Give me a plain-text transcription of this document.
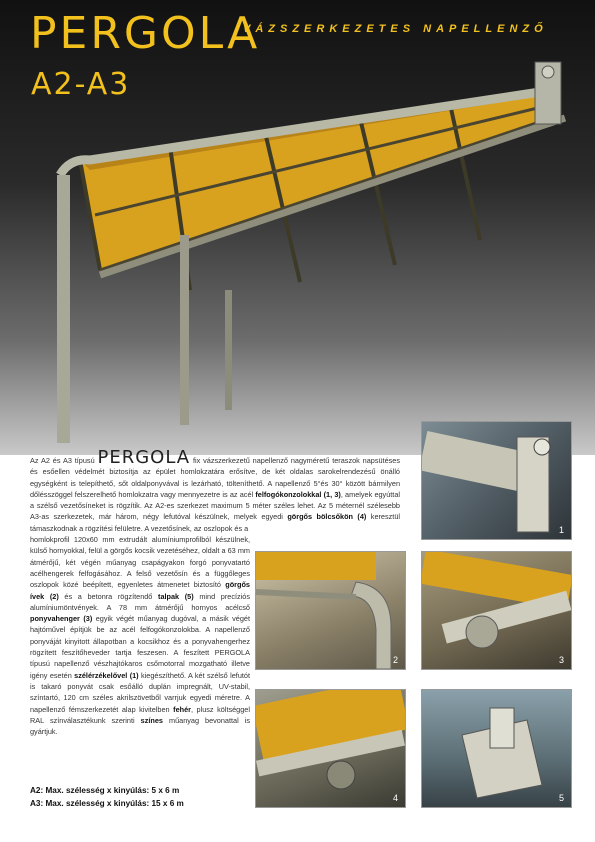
PERGOLA
VÁZSZERKEZETES NAPELLENZŐ
A2-A3
Az A2 és A3 típusú PERGOLA fix vázszerkezetű napellenző nagyméretű teraszok napsütéses és esőellen védelmét biztosítja az épület homlokzatára erősítve, de két oldalas sarokelrendezésű önálló egységként is telepíthető, sőt oldalponyvával is lezárható, tölteníthető. A napellenző 5°és 30° között bármilyen dőlésszöggel felszerelhető homlokzatra vagy mennyezetre is az acél felfogókonzolokkal (1, 3), amelyek egyúttal a szélső vezetősíneket is rögzítik. Az A2-es szerkezet maximum 5 méter széles lehet. Az 5 méternél szélesebb A3-as szerkezetek, már három, négy lefutóval készülnek, melyek egyedi görgős bölcsőkön (4) keresztül támaszkodnak a rögzítési felületre. A vezetősínek, az oszlopok és a
homlokprofil 120x60 mm extrudált alumíniumprofilból készülnek, külső hornyokkal, felül a görgős kocsik vezetéséhez, oldalt a 63 mm átmérőjű, két végén műanyag csapágyakon forgó ponyvatartó acélhengerek felfogásához. A felső vezetősín és a függőleges oszlopok közé beépített, egyenletes átmenetet biztosító görgős ívek (2) és a betonra rögzítendő talpak (5) mind precíziós alumíniumöntvények. A 78 mm átmérőjű hornyos acélcső ponyvahenger (3) egyik végét műanyag dugóval, a másik végét hajtóművel építjük be az acél felfogókonzolokba. A napellenző ponyváját kinyitott állapotban a kocsikhoz és a ponyvahengerhez rögzített feszítőheveder tartja feszesen. A feszített PERGOLA típusú napellenző vészhajtókaros csőmotorral mozgatható illetve igény esetén szélérzékelővel (1) kiegészíthető. A két szélső lefutót is takaró ponyvát csak esőálló duplán impregnált, UV-stabil, színtartó, 120 cm széles akrilszövetből varrjuk egyedi méretre. A napellenző fémszerkezetét alap kivitelben fehér, plusz költséggel RAL színválasztékunk szerinti színes műanyag bevonattal is gyártjuk.
A2: Max. szélesség x kinyúlás: 5 x 6 m
A3: Max. szélesség x kinyúlás: 15 x 6 m
1
2	3
4	5
